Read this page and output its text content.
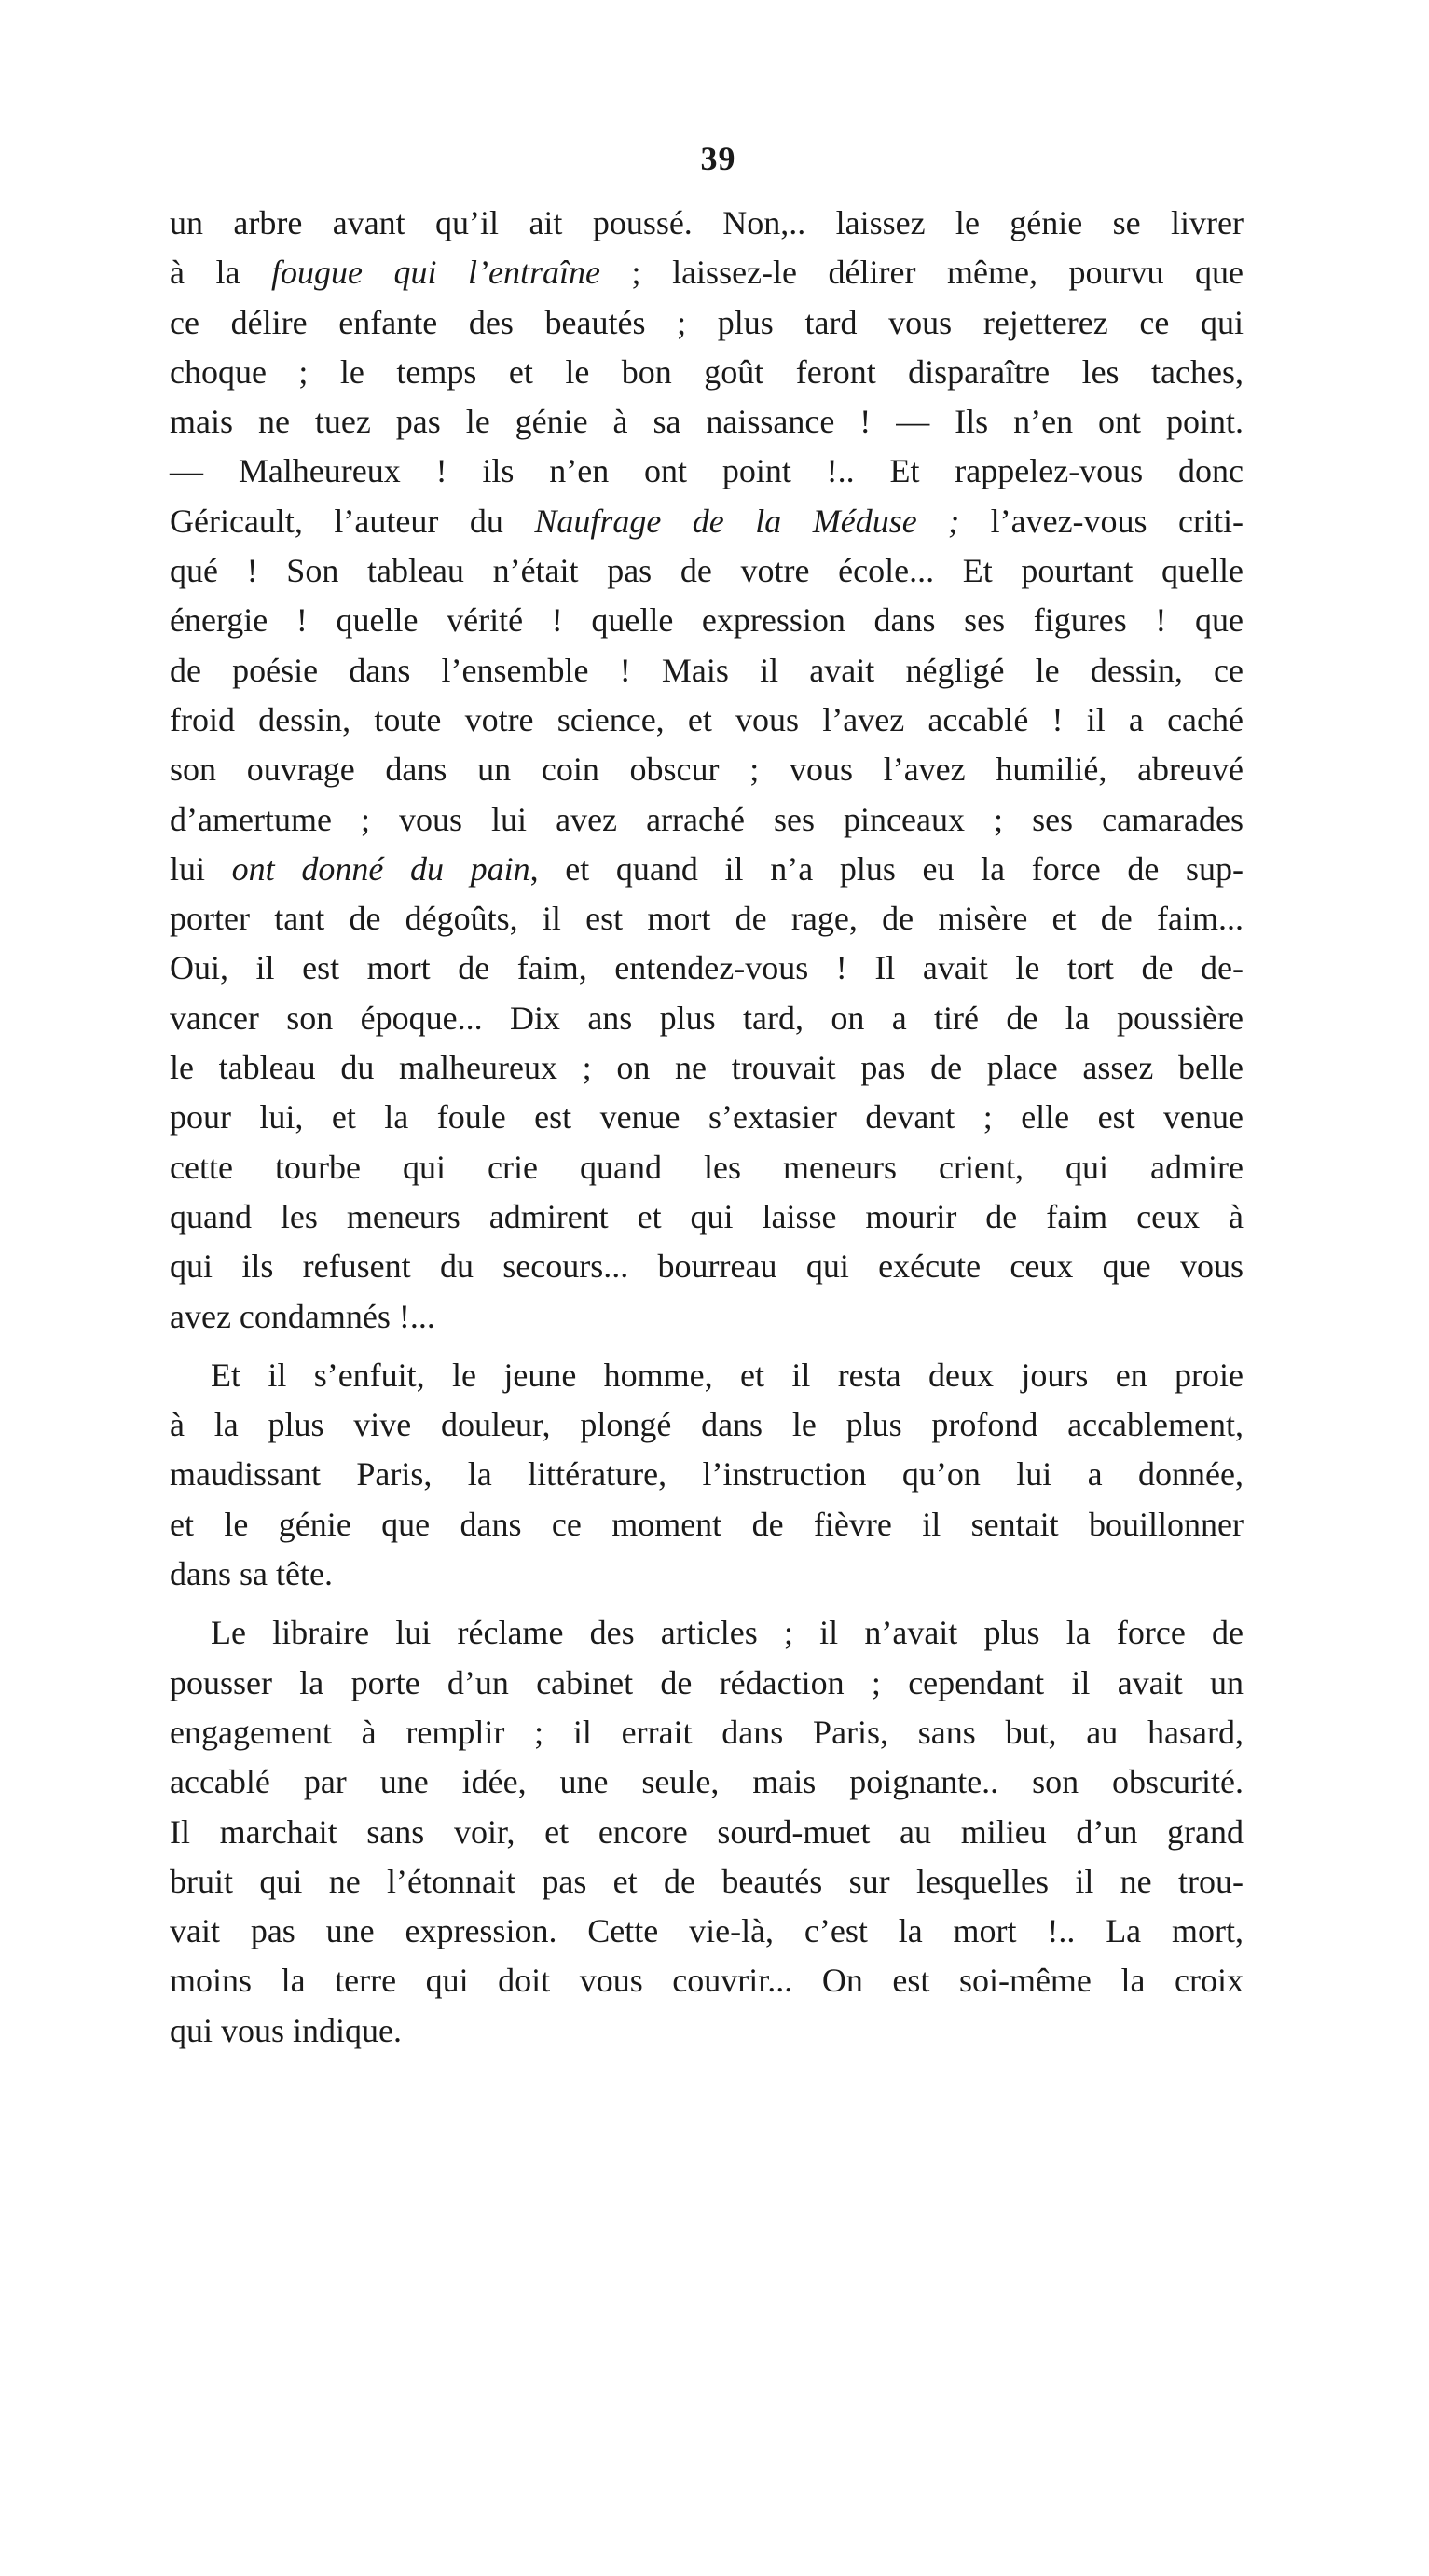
39
un arbre avant qu’il ait poussé. Non,.. laissez le génie se livrer
à la fougue qui l’entraîne ; laissez-le délirer même, pourvu que
ce délire enfante des beautés ; plus tard vous rejetterez ce qui
choque ; le temps et le bon goût feront disparaître les taches,
mais ne tuez pas le génie à sa naissance ! — Ils n’en ont point.
— Malheureux ! ils n’en ont point !.. Et rappelez-vous donc
Géricault, l’auteur du Naufrage de la Méduse ; l’avez-vous criti-
qué ! Son tableau n’était pas de votre école... Et pourtant quelle
énergie ! quelle vérité ! quelle expression dans ses figures ! que
de poésie dans l’ensemble ! Mais il avait négligé le dessin, ce
froid dessin, toute votre science, et vous l’avez accablé ! il a caché
son ouvrage dans un coin obscur ; vous l’avez humilié, abreuvé
d’amertume ; vous lui avez arraché ses pinceaux ; ses camarades
lui ont donné du pain, et quand il n’a plus eu la force de sup-
porter tant de dégoûts, il est mort de rage, de misère et de faim...
Oui, il est mort de faim, entendez-vous ! Il avait le tort de de-
vancer son époque... Dix ans plus tard, on a tiré de la poussière
le tableau du malheureux ; on ne trouvait pas de place assez belle
pour lui, et la foule est venue s’extasier devant ; elle est venue
cette tourbe qui crie quand les meneurs crient, qui admire
quand les meneurs admirent et qui laisse mourir de faim ceux à
qui ils refusent du secours... bourreau qui exécute ceux que vous
avez condamnés !...
Et il s’enfuit, le jeune homme, et il resta deux jours en proie
à la plus vive douleur, plongé dans le plus profond accablement,
maudissant Paris, la littérature, l’instruction qu’on lui a donnée,
et le génie que dans ce moment de fièvre il sentait bouillonner
dans sa tête.
Le libraire lui réclame des articles ; il n’avait plus la force de
pousser la porte d’un cabinet de rédaction ; cependant il avait un
engagement à remplir ; il errait dans Paris, sans but, au hasard,
accablé par une idée, une seule, mais poignante.. son obscurité.
Il marchait sans voir, et encore sourd-muet au milieu d’un grand
bruit qui ne l’étonnait pas et de beautés sur lesquelles il ne trou-
vait pas une expression. Cette vie-là, c’est la mort !.. La mort,
moins la terre qui doit vous couvrir... On est soi-même la croix
qui vous indique.
